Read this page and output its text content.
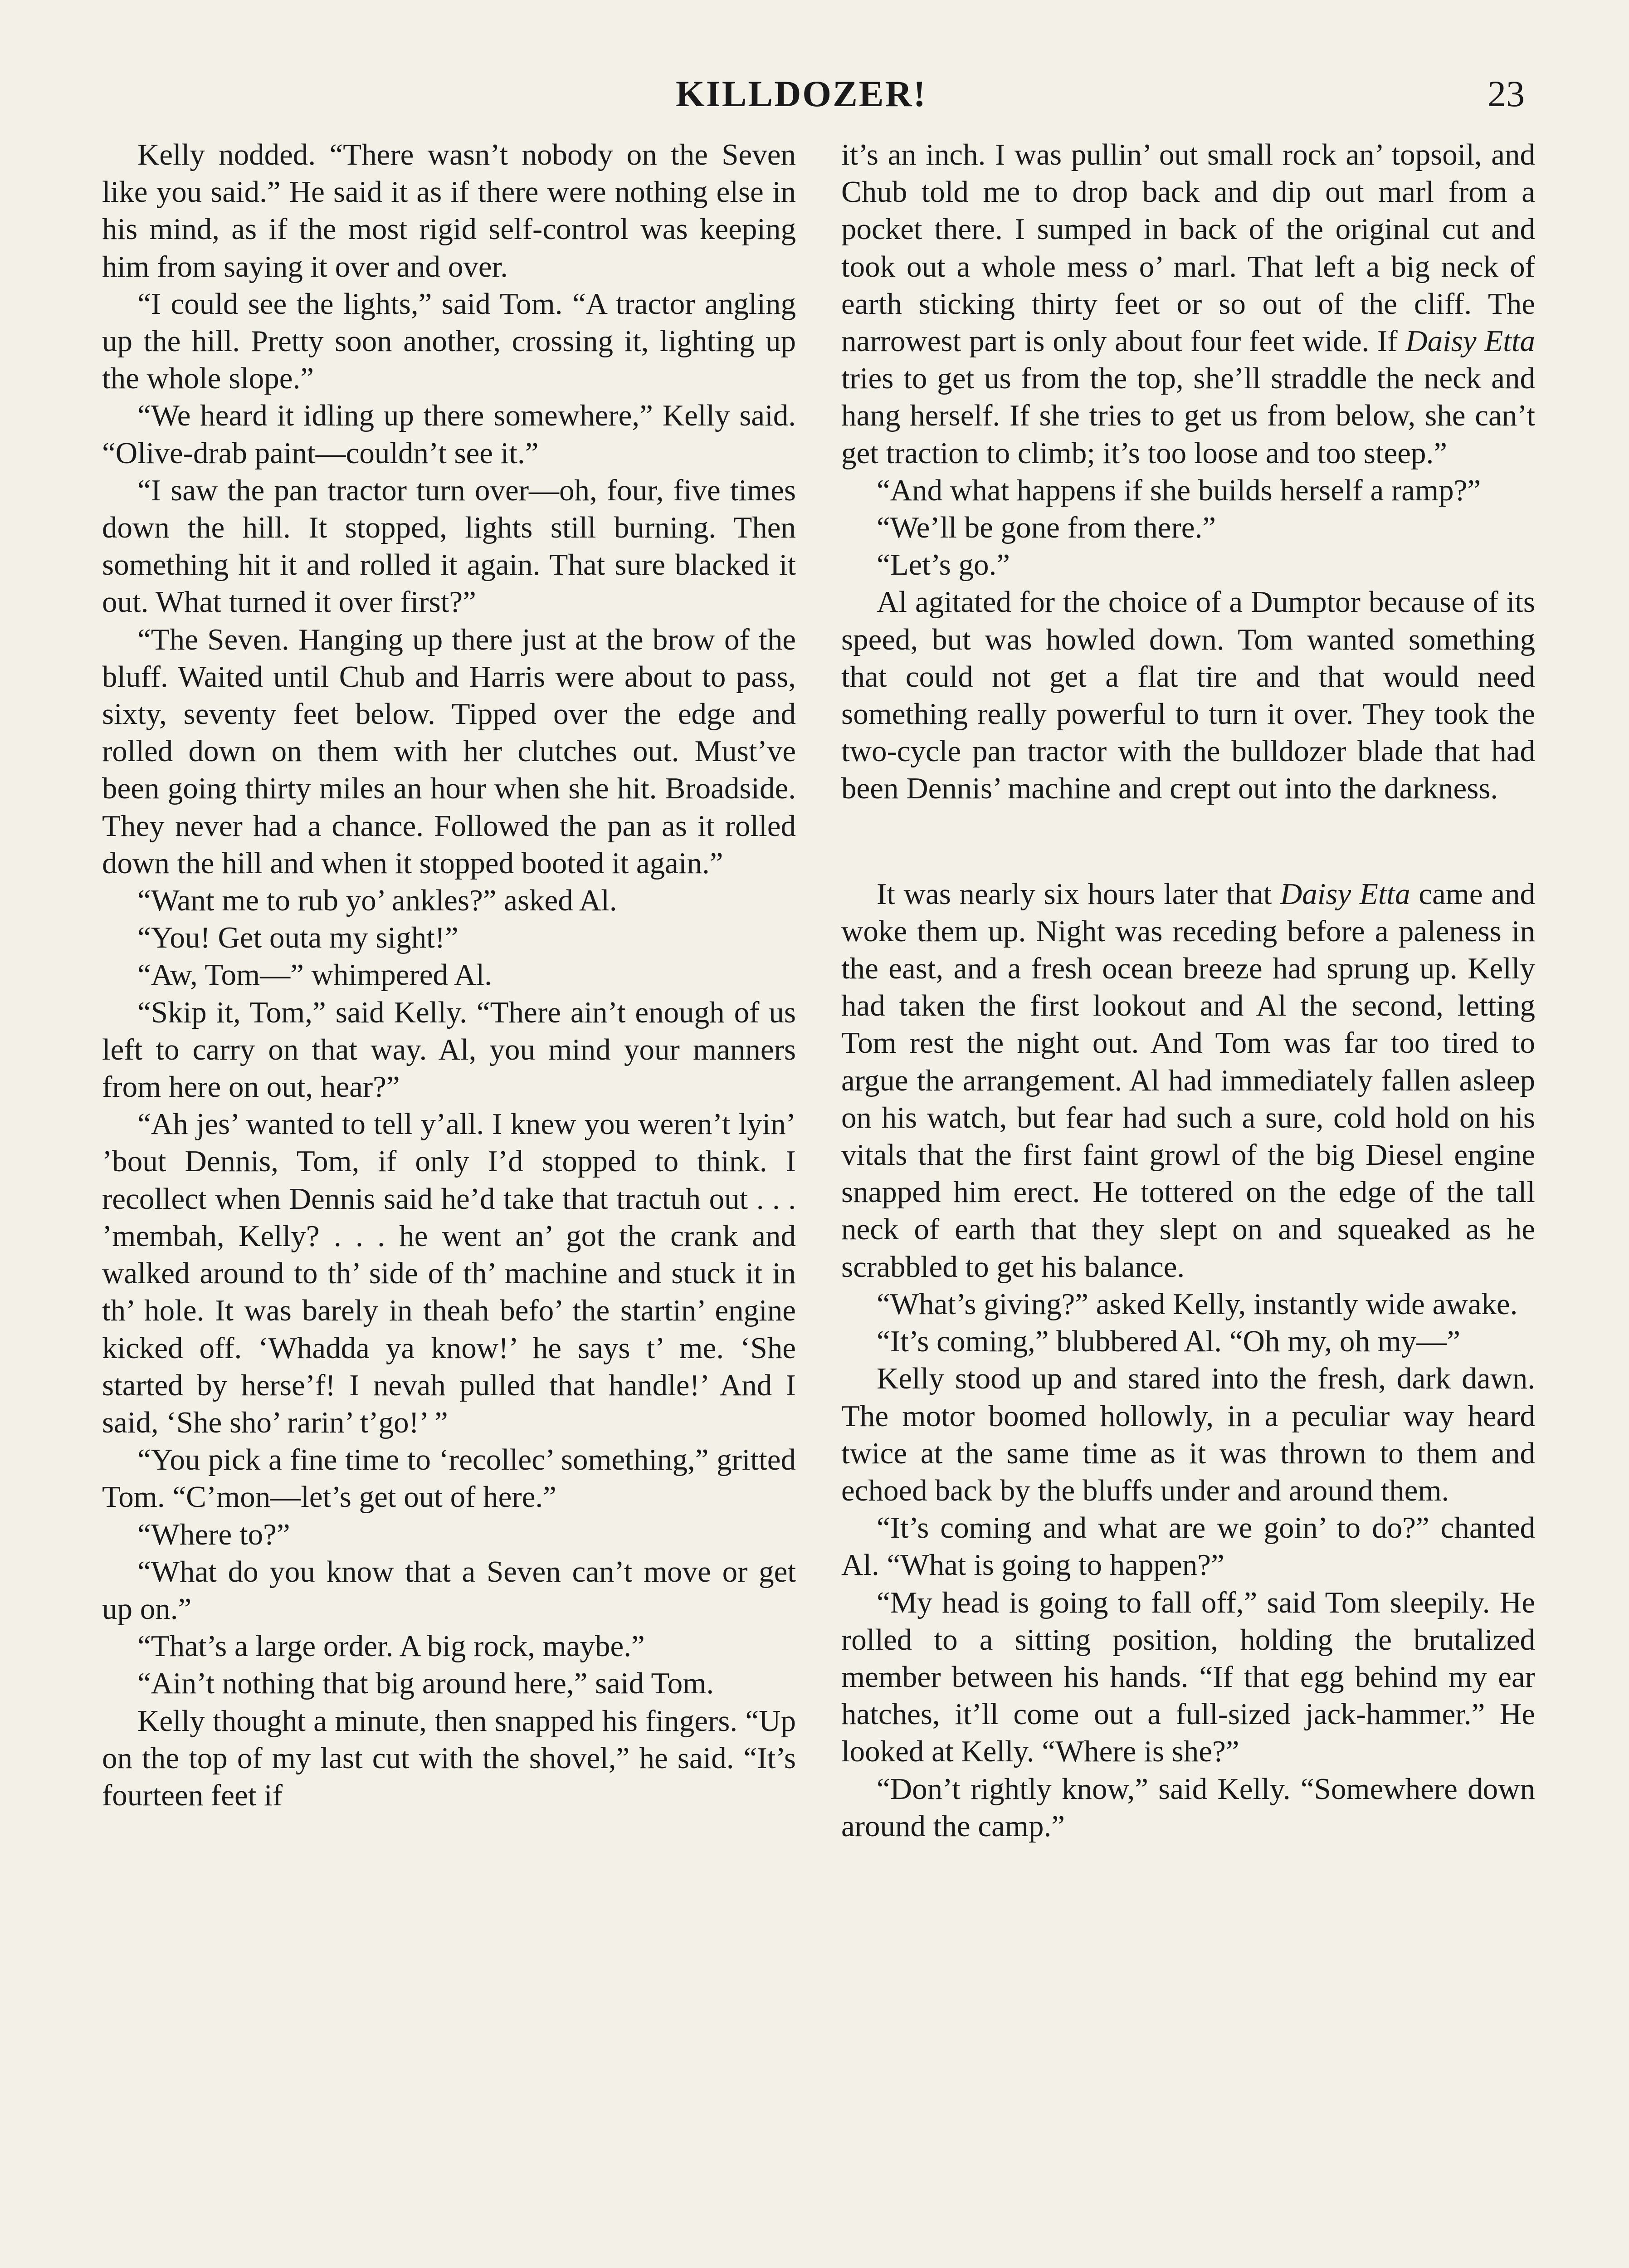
KILLDOZER!	23

Kelly nodded. “There wasn’t nobody on the Seven like you said.” He said it as if there were nothing else in his mind, as if the most rigid self-control was keeping him from saying it over and over.

“I could see the lights,” said Tom. “A tractor angling up the hill. Pretty soon another, crossing it, lighting up the whole slope.”

“We heard it idling up there somewhere,” Kelly said. “Olive-drab paint—couldn’t see it.”

“I saw the pan tractor turn over—oh, four, five times down the hill. It stopped, lights still burning. Then something hit it and rolled it again. That sure blacked it out. What turned it over first?”

“The Seven. Hanging up there just at the brow of the bluff. Waited until Chub and Harris were about to pass, sixty, seventy feet below. Tipped over the edge and rolled down on them with her clutches out. Must’ve been going thirty miles an hour when she hit. Broadside. They never had a chance. Followed the pan as it rolled down the hill and when it stopped booted it again.”

“Want me to rub yo’ ankles?” asked Al.

“You! Get outa my sight!”

“Aw, Tom—” whimpered Al.

“Skip it, Tom,” said Kelly. “There ain’t enough of us left to carry on that way. Al, you mind your manners from here on out, hear?”

“Ah jes’ wanted to tell y’all. I knew you weren’t lyin’ ’bout Dennis, Tom, if only I’d stopped to think. I recollect when Dennis said he’d take that tractuh out . . . ’membah, Kelly? . . . he went an’ got the crank and walked around to th’ side of th’ machine and stuck it in th’ hole. It was barely in theah befo’ the startin’ engine kicked off. ‘Whadda ya know!’ he says t’ me. ‘She started by herse’f! I nevah pulled that handle!’ And I said, ‘She sho’ rarin’ t’go!’ ”

“You pick a fine time to ‘recollec’ something,” gritted Tom. “C’mon—let’s get out of here.”

“Where to?”

“What do you know that a Seven can’t move or get up on.”

“That’s a large order. A big rock, maybe.”

“Ain’t nothing that big around here,” said Tom.

Kelly thought a minute, then snapped his fingers. “Up on the top of my last cut with the shovel,” he said. “It’s fourteen feet if

it’s an inch. I was pullin’ out small rock an’ topsoil, and Chub told me to drop back and dip out marl from a pocket there. I sumped in back of the original cut and took out a whole mess o’ marl. That left a big neck of earth sticking thirty feet or so out of the cliff. The narrowest part is only about four feet wide. If Daisy Etta tries to get us from the top, she’ll straddle the neck and hang herself. If she tries to get us from below, she can’t get traction to climb; it’s too loose and too steep.”

“And what happens if she builds herself a ramp?”

“We’ll be gone from there.”

“Let’s go.”

Al agitated for the choice of a Dumptor because of its speed, but was howled down. Tom wanted something that could not get a flat tire and that would need something really powerful to turn it over. They took the two-cycle pan tractor with the bulldozer blade that had been Dennis’ machine and crept out into the darkness.

It was nearly six hours later that Daisy Etta came and woke them up. Night was receding before a paleness in the east, and a fresh ocean breeze had sprung up. Kelly had taken the first lookout and Al the second, letting Tom rest the night out. And Tom was far too tired to argue the arrangement. Al had immediately fallen asleep on his watch, but fear had such a sure, cold hold on his vitals that the first faint growl of the big Diesel engine snapped him erect. He tottered on the edge of the tall neck of earth that they slept on and squeaked as he scrabbled to get his balance.

“What’s giving?” asked Kelly, instantly wide awake.

“It’s coming,” blubbered Al. “Oh my, oh my—”

Kelly stood up and stared into the fresh, dark dawn. The motor boomed hollowly, in a peculiar way heard twice at the same time as it was thrown to them and echoed back by the bluffs under and around them.

“It’s coming and what are we goin’ to do?” chanted Al. “What is going to happen?”

“My head is going to fall off,” said Tom sleepily. He rolled to a sitting position, holding the brutalized member between his hands. “If that egg behind my ear hatches, it’ll come out a full-sized jack-hammer.” He looked at Kelly. “Where is she?”

“Don’t rightly know,” said Kelly. “Somewhere down around the camp.”
